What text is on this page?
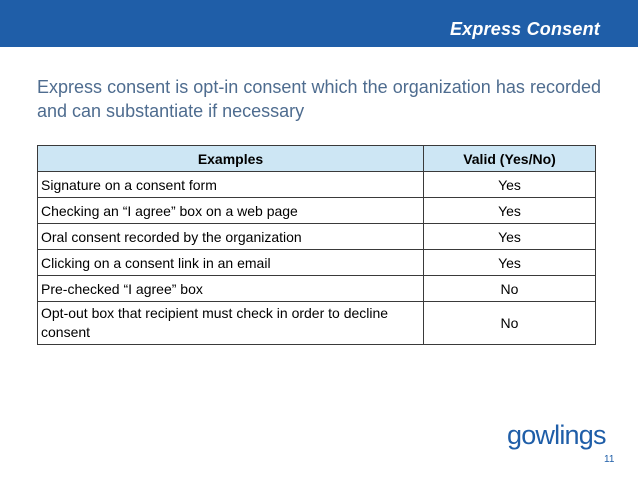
Express Consent
Express consent is opt-in consent which the organization has recorded and can substantiate if necessary
Examples	Valid (Yes/No)
Signature on a consent form	Yes
Checking an “I agree” box on a web page	Yes
Oral consent recorded by the organization	Yes
Clicking on a consent link in an email	Yes
Pre-checked “I agree” box	No
Opt-out box that recipient must check in order to decline consent	No
gowlings
11
